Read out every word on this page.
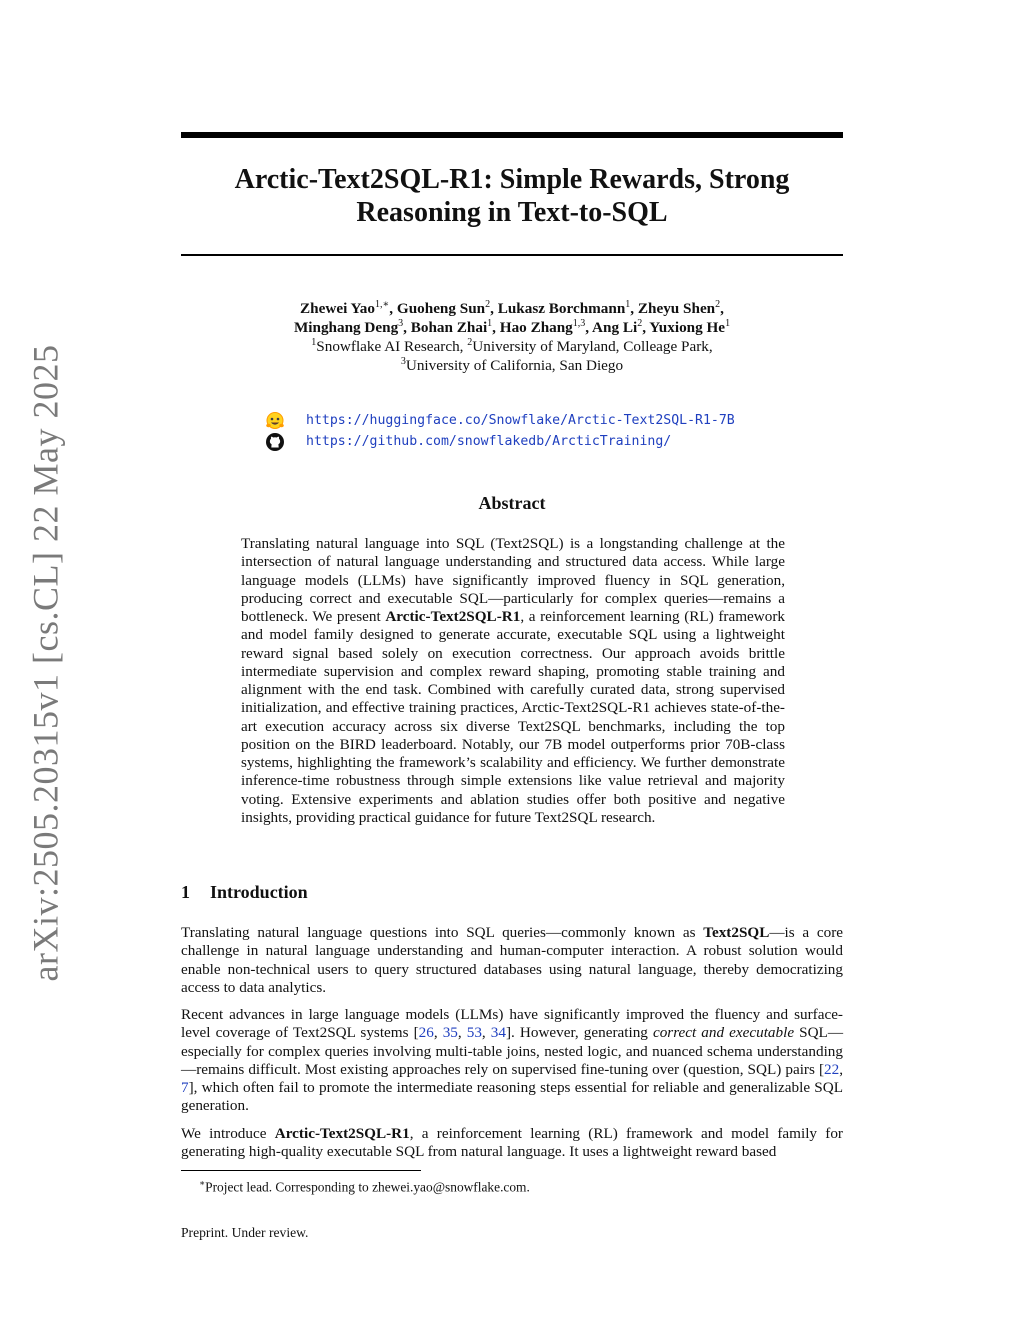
arXiv:2505.20315v1 [cs.CL] 22 May 2025
Arctic-Text2SQL-R1: Simple Rewards, Strong
Reasoning in Text-to-SQL
Zhewei Yao$^{1,∗}$, Guoheng Sun$^2$, Lukasz Borchmann$^1$, Zheyu Shen$^2$,
Minghang Deng$^3$, Bohan Zhai$^1$, Hao Zhang$^{1,3}$, Ang Li$^2$, Yuxiong He$^1$
$^1$Snowflake AI Research, $^2$University of Maryland, Colleage Park,
$^3$University of California, San Diego
https://huggingface.co/Snowflake/Arctic-Text2SQL-R1-7B
https://github.com/snowflakedb/ArcticTraining/
Abstract

Translating natural language into SQL (Text2SQL) is a longstanding challenge at the intersection of natural language understanding and structured data access. While large language models (LLMs) have significantly improved fluency in SQL generation, producing correct and executable SQL—particularly for complex queries—remains a bottleneck. We present Arctic-Text2SQL-R1, a reinforcement learning (RL) framework and model family designed to generate accurate, executable SQL using a lightweight reward signal based solely on execution correctness. Our approach avoids brittle intermediate supervision and complex reward shaping, promoting stable training and alignment with the end task. Combined with carefully curated data, strong supervised initialization, and effective training practices, Arctic-Text2SQL-R1 achieves state-of-the-art execution accuracy across six diverse Text2SQL benchmarks, including the top position on the BIRD leaderboard. Notably, our 7B model outperforms prior 70B-class systems, highlighting the framework’s scalability and efficiency. We further demonstrate inference-time robustness through simple extensions like value retrieval and majority voting. Extensive experiments and ablation studies offer both positive and negative insights, providing practical guidance for future Text2SQL research.

1 Introduction

Translating natural language questions into SQL queries—commonly known as Text2SQL—is a core challenge in natural language understanding and human-computer interaction. A robust solution would enable non-technical users to query structured databases using natural language, thereby democratizing access to data analytics.

Recent advances in large language models (LLMs) have significantly improved the fluency and surface-level coverage of Text2SQL systems [26, 35, 53, 34]. However, generating correct and executable SQL—especially for complex queries involving multi-table joins, nested logic, and nuanced schema understanding—remains difficult. Most existing approaches rely on supervised fine-tuning over (question, SQL) pairs [22, 7], which often fail to promote the intermediate reasoning steps essential for reliable and generalizable SQL generation.

We introduce Arctic-Text2SQL-R1, a reinforcement learning (RL) framework and model family for generating high-quality executable SQL from natural language. It uses a lightweight reward based

∗Project lead. Corresponding to zhewei.yao@snowflake.com.

Preprint. Under review.
